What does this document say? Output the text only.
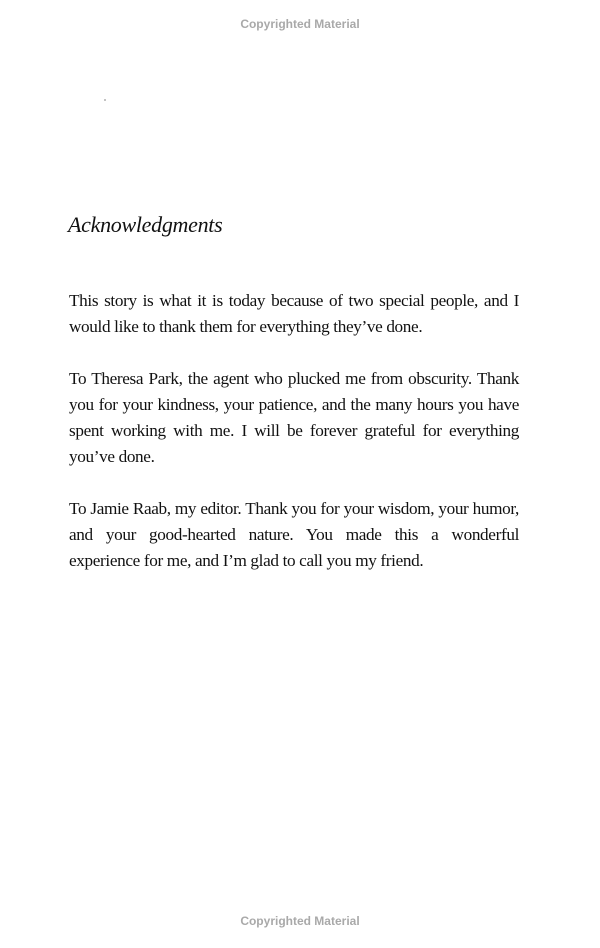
Copyrighted Material
Acknowledgments

This story is what it is today because of two special people, and I would like to thank them for everything they’ve done.

To Theresa Park, the agent who plucked me from obscurity. Thank you for your kindness, your patience, and the many hours you have spent working with me. I will be forever grateful for everything you’ve done.

To Jamie Raab, my editor. Thank you for your wisdom, your humor, and your good-hearted nature. You made this a wonderful experience for me, and I’m glad to call you my friend.

Copyrighted Material
